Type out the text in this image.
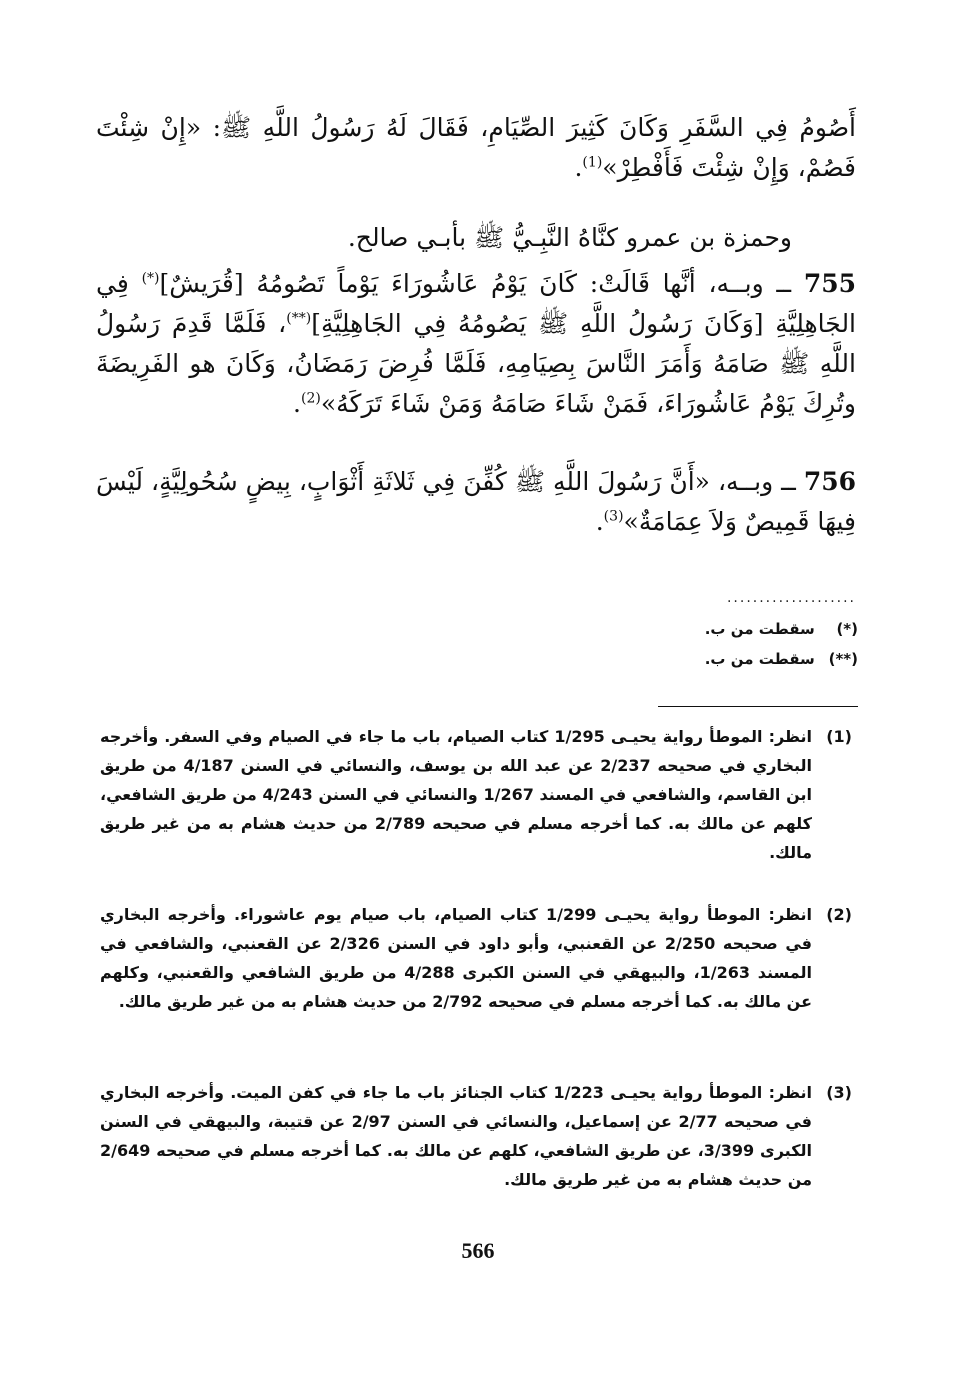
أَصُومُ فِي السَّفَرِ وَكَانَ كَثِيرَ الصِّيَامِ، فَقَالَ لَهُ رَسُولُ اللَّهِ ﷺ: «إِنْ شِئْتَ فَصُمْ، وَإِنْ شِئْتَ فَأَفْطِرْ»$^{(1)}$.

وحمزة بن عمرو كنَّاهُ النَّبِـيُّ ﷺ بأبـي صالح.

755 ــ وبــه، أنَّها قَالَتْ: كَانَ يَوْمُ عَاشُورَاءَ يَوْماً تَصُومُهُ [قُرَيشٌ](*) فِي الجَاهِلِيَّةِ [وَكَانَ رَسُولُ اللَّهِ ﷺ يَصُومُهُ فِي الجَاهِلِيَّةِ](**)، فَلَمَّا قَدِمَ رَسُولُ اللَّهِ ﷺ صَامَهُ وَأَمَرَ النَّاسَ بِصِيَامِهِ، فَلَمَّا فُرِضَ رَمَضَانُ، وَكَانَ هو الفَرِيضَةَ وتُرِكَ يَوْمُ عَاشُورَاءَ، فَمَنْ شَاءَ صَامَهُ وَمَنْ شَاءَ تَرَكَهُ»$^{(2)}$.

756 ــ وبــه، «أَنَّ رَسُولَ اللَّهِ ﷺ كُفِّنَ فِي ثَلاثَةِ أَثْوَابٍ، بِيضٍ سُحُولِيَّةٍ، لَيْسَ فِيهَا قَمِيصٌ وَلاَ عِمَامَةٌ»$^{(3)}$.

....................

(*) سقطت من ب.

(**) سقطت من ب.

(1)
انظر: الموطأ رواية يحيـى 1/295 كتاب الصيام، باب ما جاء في الصيام وفي السفر. وأخرجه البخاري في صحيحه 2/237 عن عبد الله بن يوسف، والنسائي في السنن 4/187 من طريق ابن القاسم، والشافعي في المسند 1/267 والنسائي في السنن 4/243 من طريق الشافعي، كلهم عن مالك به. كما أخرجه مسلم في صحيحه 2/789 من حديث هشام به من غير طريق مالك.
(2)
انظر: الموطأ رواية يحيـى 1/299 كتاب الصيام، باب صيام يوم عاشوراء. وأخرجه البخاري في صحيحه 2/250 عن القعنبي، وأبو داود في السنن 2/326 عن القعنبي، والشافعي في المسند 1/263، والبيهقي في السنن الكبرى 4/288 من طريق الشافعي والقعنبي، وكلهم عن مالك به. كما أخرجه مسلم في صحيحه 2/792 من حديث هشام به من غير طريق مالك.
(3)
انظر: الموطأ رواية يحيـى 1/223 كتاب الجنائز باب ما جاء في كفن الميت. وأخرجه البخاري في صحيحه 2/77 عن إسماعيل، والنسائي في السنن 2/97 عن قتيبة، والبيهقي في السنن الكبرى 3/399، عن طريق الشافعي، كلهم عن مالك به. كما أخرجه مسلم في صحيحه 2/649 من حديث هشام به من غير طريق مالك.

566
